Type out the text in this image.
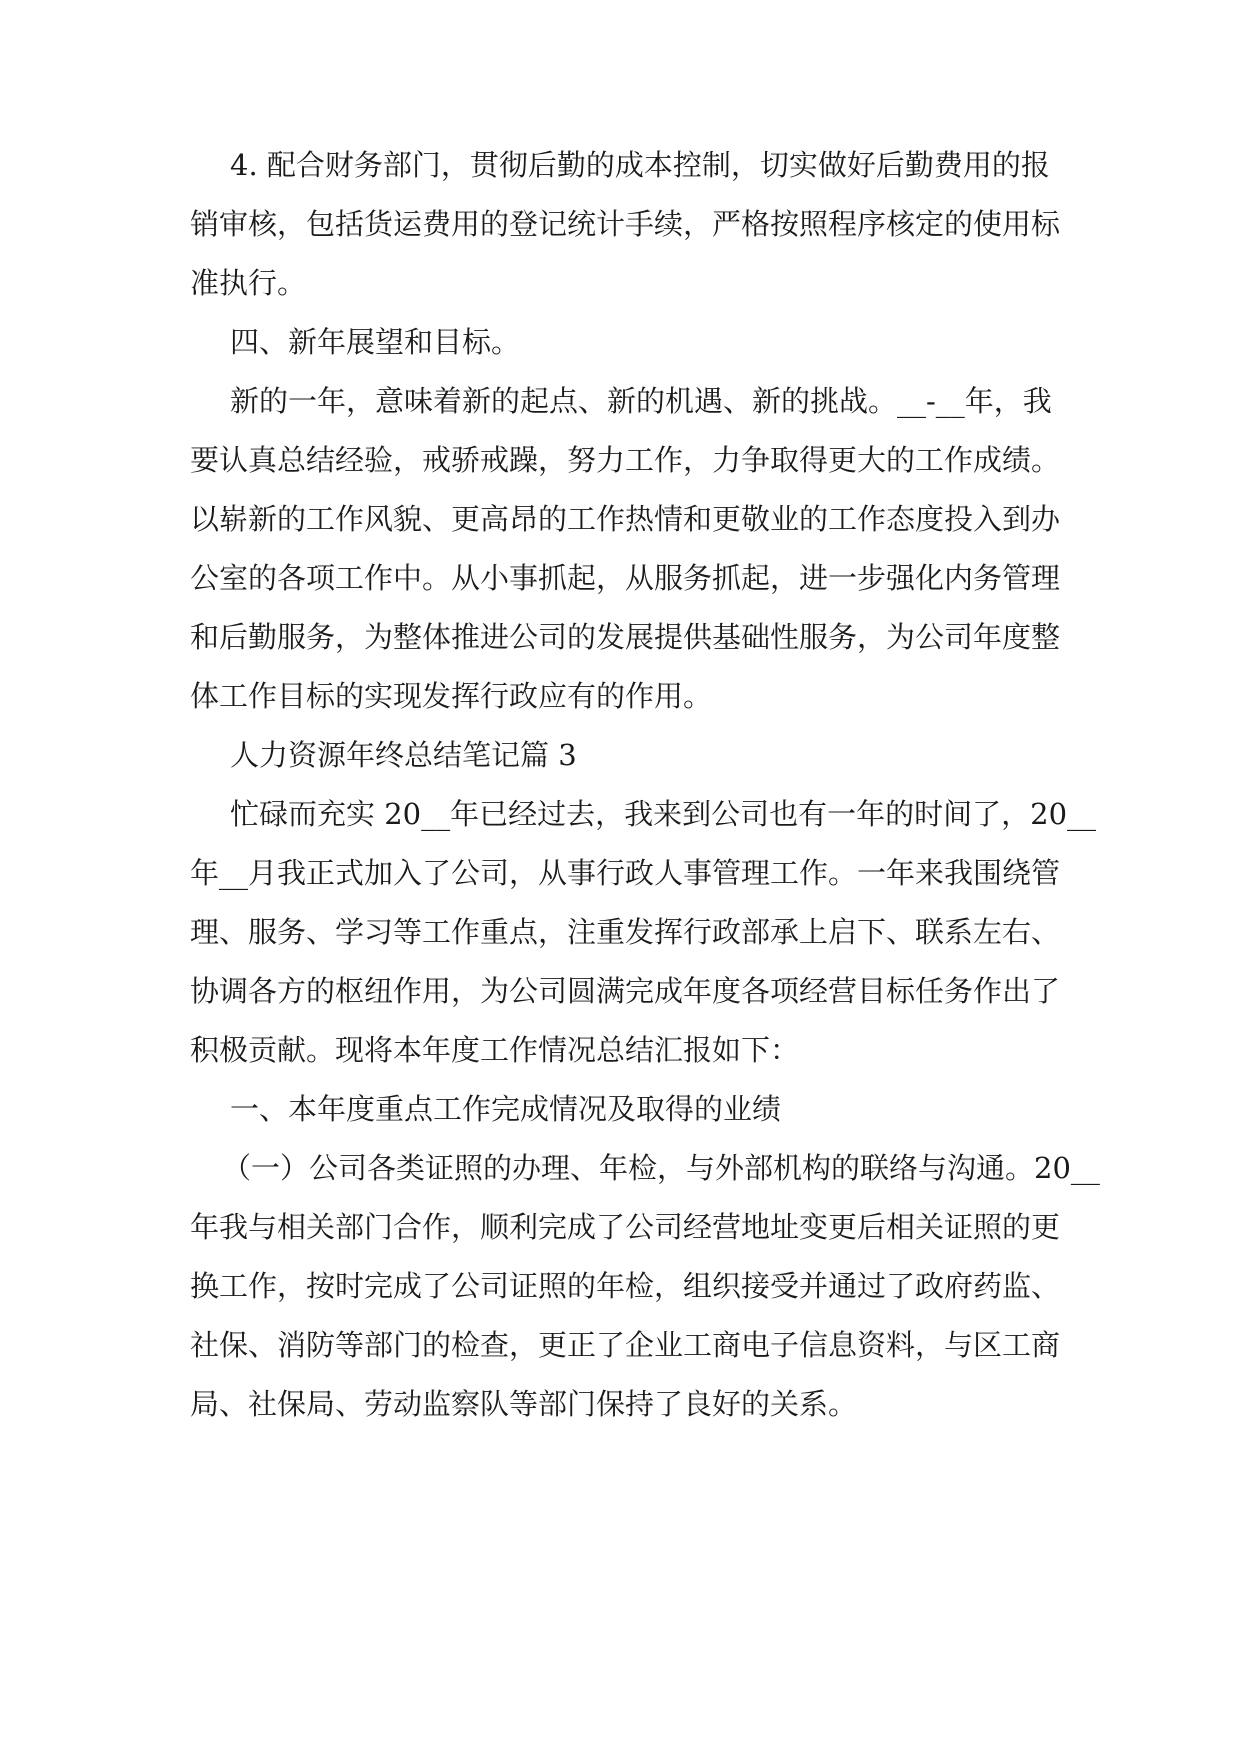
4. 配合财务部门，贯彻后勤的成本控制，切实做好后勤费用的报

销审核，包括货运费用的登记统计手续，严格按照程序核定的使用标

准执行。

四、新年展望和目标。

新的一年，意味着新的起点、新的机遇、新的挑战。__-__年，我

要认真总结经验，戒骄戒躁，努力工作，力争取得更大的工作成绩。

以崭新的工作风貌、更高昂的工作热情和更敬业的工作态度投入到办

公室的各项工作中。从小事抓起，从服务抓起，进一步强化内务管理

和后勤服务，为整体推进公司的发展提供基础性服务，为公司年度整

体工作目标的实现发挥行政应有的作用。

人力资源年终总结笔记篇 3

忙碌而充实 20__年已经过去，我来到公司也有一年的时间了，20__

年__月我正式加入了公司，从事行政人事管理工作。一年来我围绕管

理、服务、学习等工作重点，注重发挥行政部承上启下、联系左右、

协调各方的枢纽作用，为公司圆满完成年度各项经营目标任务作出了

积极贡献。现将本年度工作情况总结汇报如下：

一、本年度重点工作完成情况及取得的业绩

（一）公司各类证照的办理、年检，与外部机构的联络与沟通。20__

年我与相关部门合作，顺利完成了公司经营地址变更后相关证照的更

换工作，按时完成了公司证照的年检，组织接受并通过了政府药监、

社保、消防等部门的检查，更正了企业工商电子信息资料，与区工商

局、社保局、劳动监察队等部门保持了良好的关系。
